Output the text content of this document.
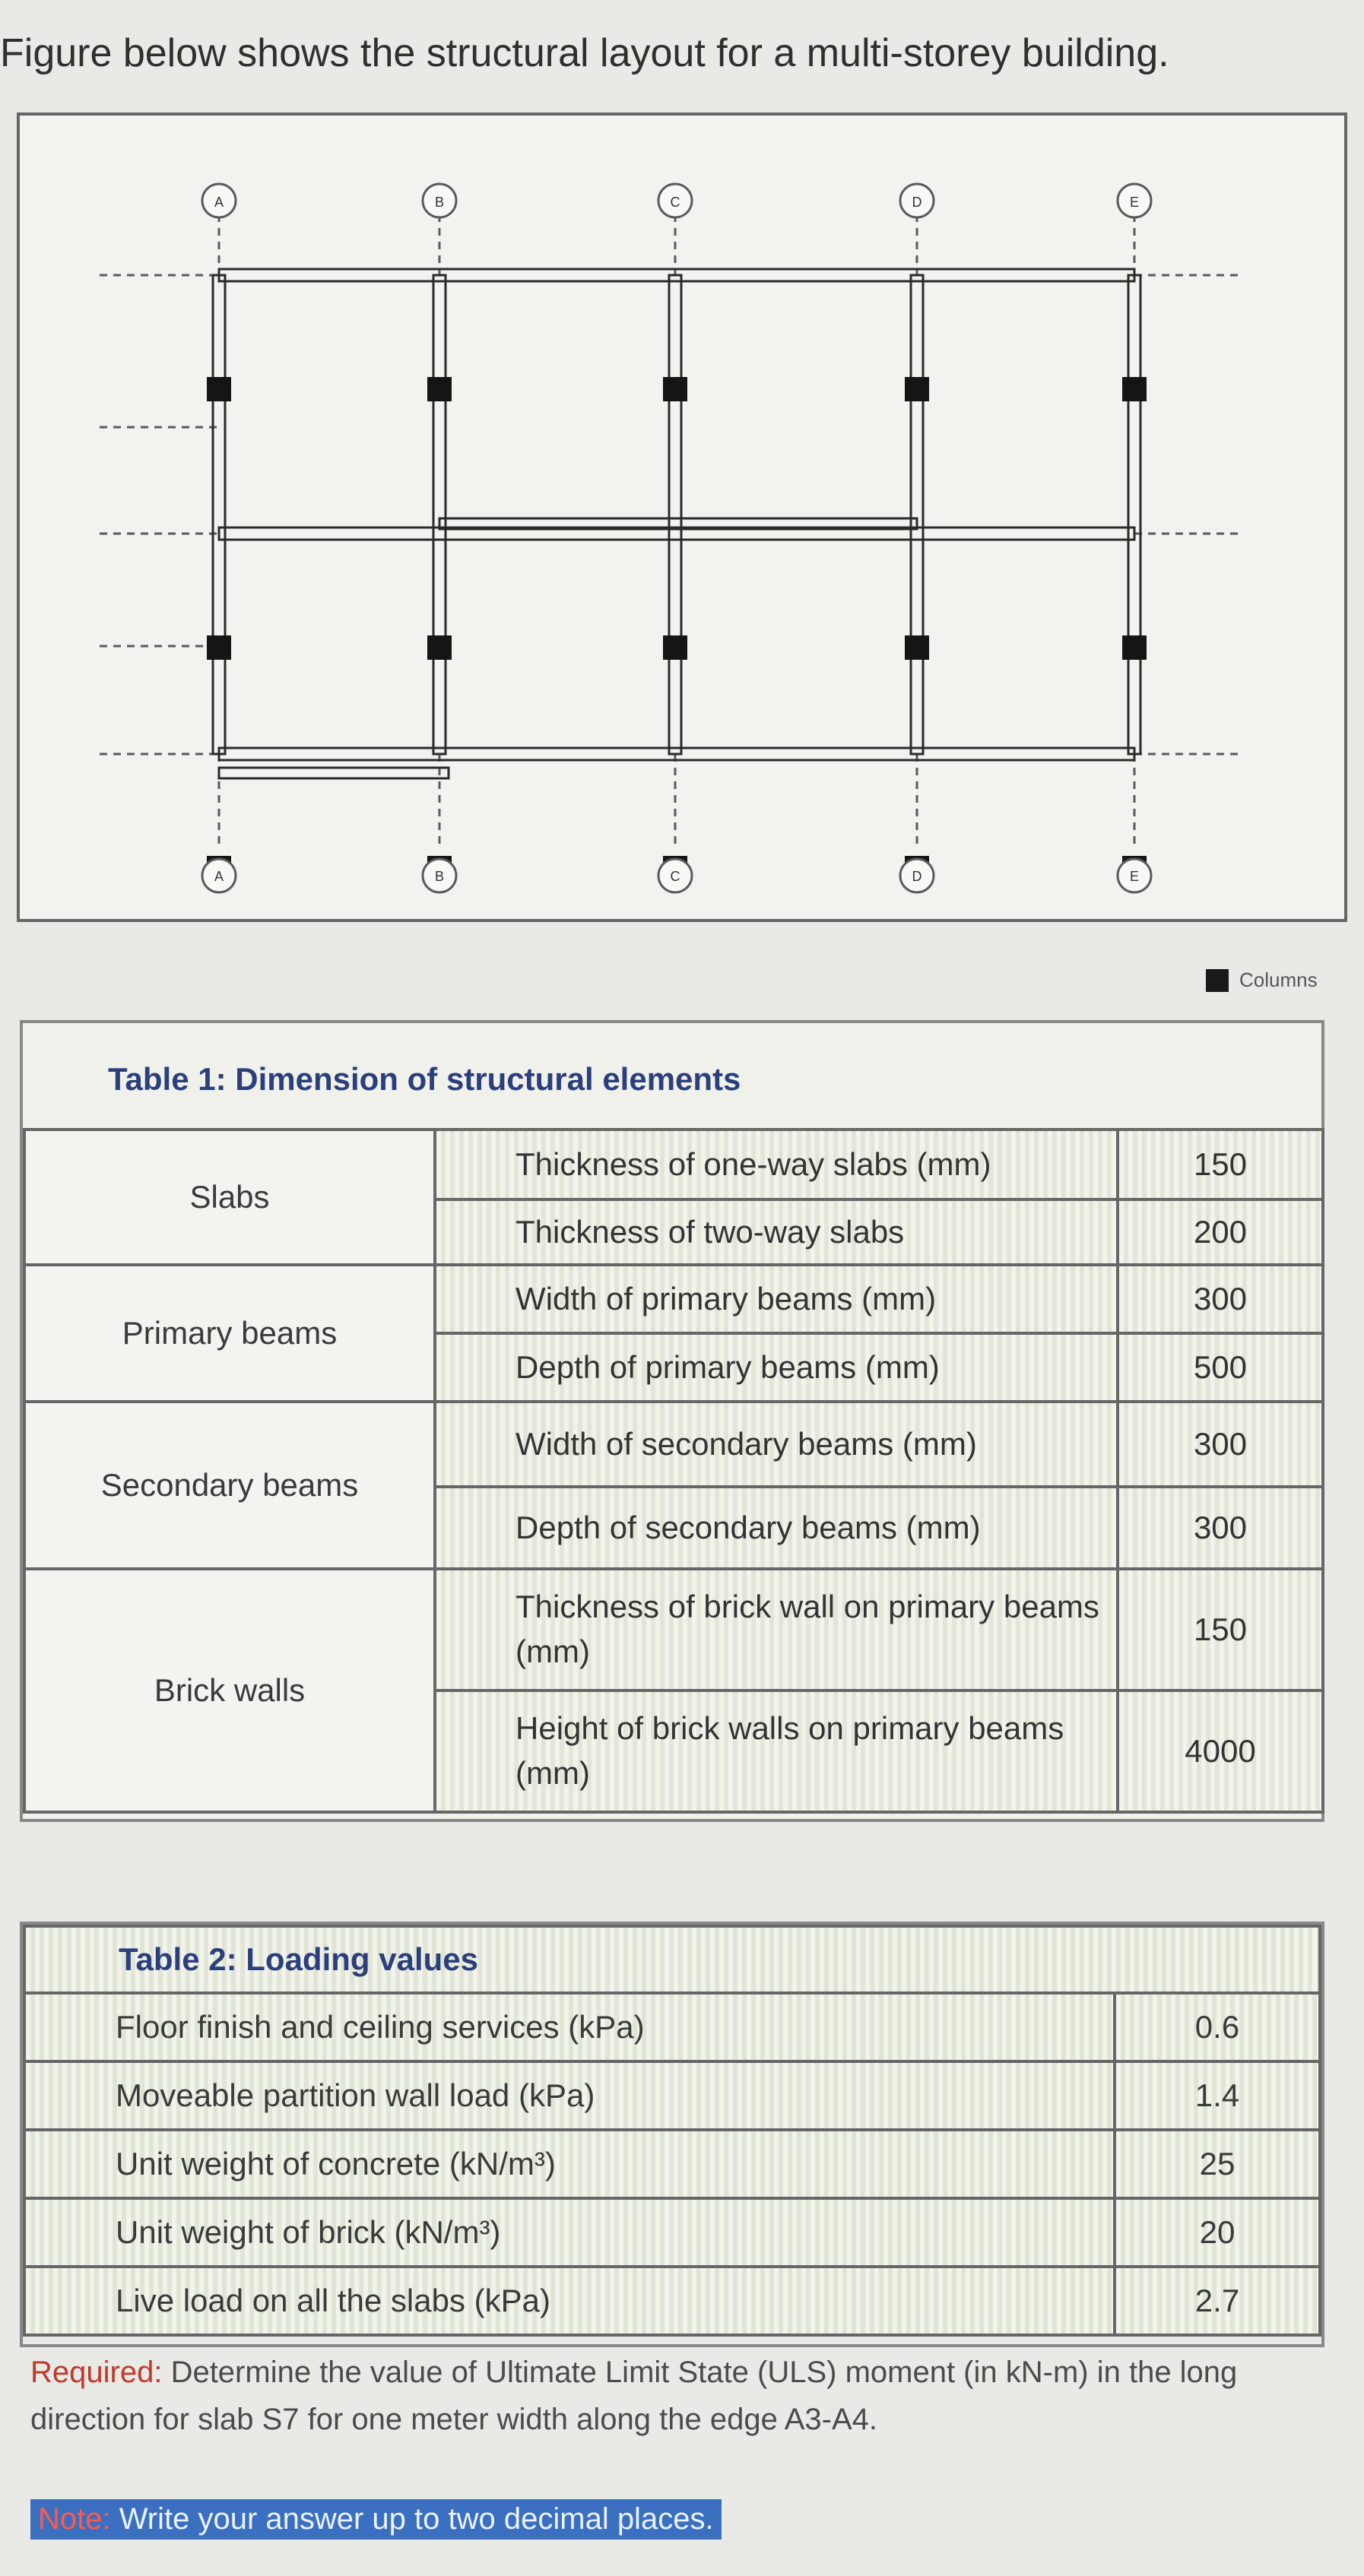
Figure below shows the structural layout for a multi-storey building.
A
A
B
B
C
C
D
D
E
E
Columns
Table 1: Dimension of structural elements
Slabs	Thickness of one-way slabs (mm)	150
	Thickness of two-way slabs	200
Primary beams	Width of primary beams (mm)	300
	Depth of primary beams (mm)	500
Secondary beams	Width of secondary beams (mm)	300
	Depth of secondary beams (mm)	300
Brick walls	Thickness of brick wall on primary beams (mm)	150
	Height of brick walls on primary beams (mm)	4000
Table 2: Loading values	
Floor finish and ceiling services (kPa)	0.6
Moveable partition wall load (kPa)	1.4
Unit weight of concrete (kN/m³)	25
Unit weight of brick (kN/m³)	20
Live load on all the slabs (kPa)	2.7
Required: Determine the value of Ultimate Limit State (ULS) moment (in kN-m) in the long direction for slab S7 for one meter width along the edge A3-A4.
Note: Write your answer up to two decimal places.
